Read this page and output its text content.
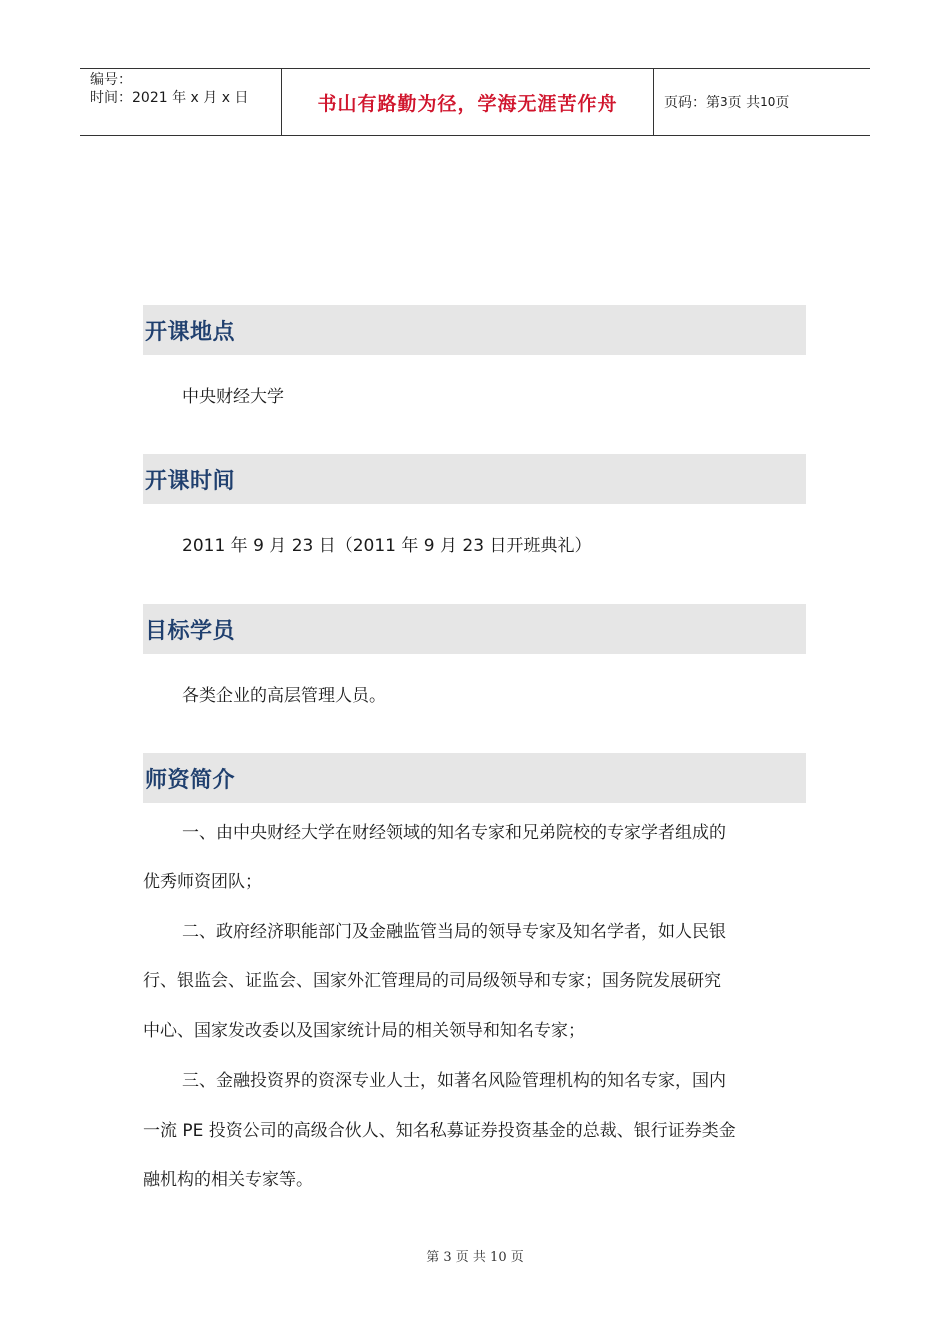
编号：
时间：2021 年 x 月 x 日	书山有路勤为径，学海无涯苦作舟	页码：第 3 页 共 10 页
开课地点
中央财经大学
开课时间
2011 年 9 月 23 日（2011 年 9 月 23 日开班典礼）
目标学员
各类企业的高层管理人员。
师资简介
一、由中央财经大学在财经领域的知名专家和兄弟院校的专家学者组成的
优秀师资团队；
二、政府经济职能部门及金融监管当局的领导专家及知名学者，如人民银
行、银监会、证监会、国家外汇管理局的司局级领导和专家；国务院发展研究
中心、国家发改委以及国家统计局的相关领导和知名专家；
三、金融投资界的资深专业人士，如著名风险管理机构的知名专家，国内
一流 PE 投资公司的高级合伙人、知名私募证券投资基金的总裁、银行证券类金
融机构的相关专家等。
第 3 页 共 10 页
